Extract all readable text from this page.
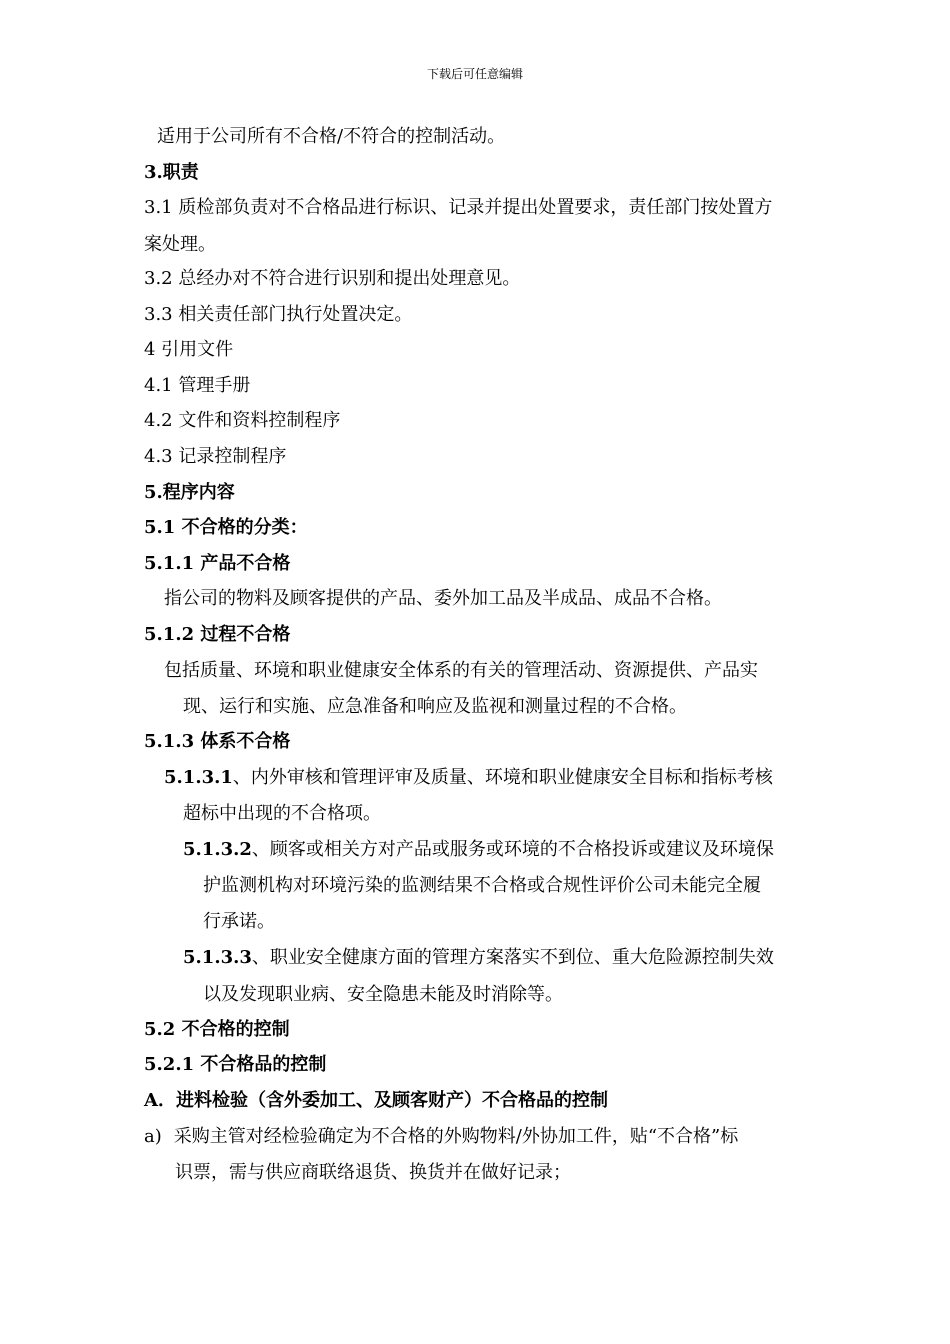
下载后可任意编辑
适用于公司所有不合格/不符合的控制活动。
3.职责
3.1 质检部负责对不合格品进行标识、记录并提出处置要求，责任部门按处置方
案处理。
3.2 总经办对不符合进行识别和提出处理意见。
3.3 相关责任部门执行处置决定。
4 引用文件
4.1 管理手册
4.2 文件和资料控制程序
4.3 记录控制程序
5.程序内容
5.1 不合格的分类：
5.1.1 产品不合格
指公司的物料及顾客提供的产品、委外加工品及半成品、成品不合格。
5.1.2 过程不合格
包括质量、环境和职业健康安全体系的有关的管理活动、资源提供、产品实
现、运行和实施、应急准备和响应及监视和测量过程的不合格。
5.1.3 体系不合格
5.1.3.1、内外审核和管理评审及质量、环境和职业健康安全目标和指标考核
超标中出现的不合格项。
5.1.3.2、顾客或相关方对产品或服务或环境的不合格投诉或建议及环境保
护监测机构对环境污染的监测结果不合格或合规性评价公司未能完全履
行承诺。
5.1.3.3、职业安全健康方面的管理方案落实不到位、重大危险源控制失效
以及发现职业病、安全隐患未能及时消除等。
5.2 不合格的控制
5.2.1 不合格品的控制
A．进料检验（含外委加工、及顾客财产）不合格品的控制
a) 采购主管对经检验确定为不合格的外购物料/外协加工件，贴“不合格”标
识票，需与供应商联络退货、换货并在做好记录；
